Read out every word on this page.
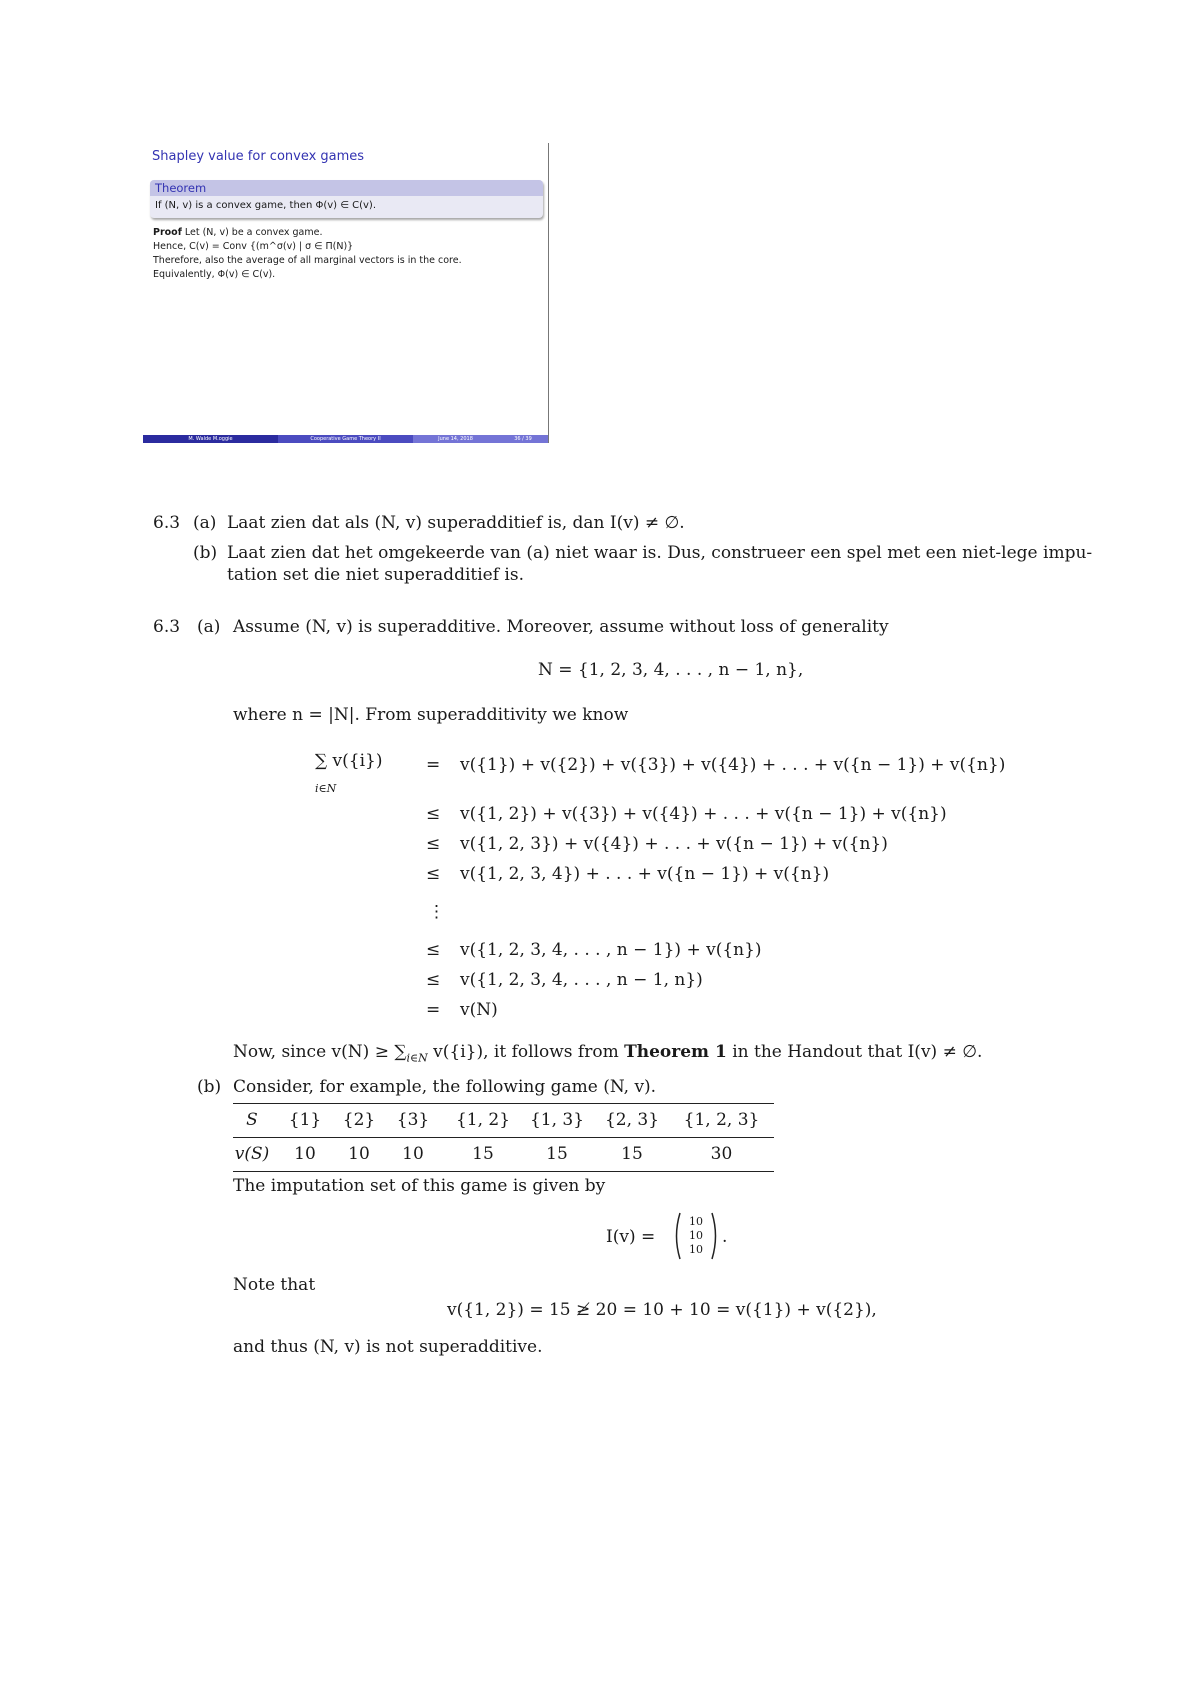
Shapley value for convex games
Theorem
If (N, v) is a convex game, then Φ(v) ∈ C(v).
Proof Let (N, v) be a convex game.
Hence, C(v) = Conv {(m^σ(v) | σ ∈ Π(N)}
Therefore, also the average of all marginal vectors is in the core.
Equivalently, Φ(v) ∈ C(v).
M. Walde M.oggie	Cooperative Game Theory II	June 14, 2018	36 / 39
6.3 (a) Laat zien dat als (N, v) superadditief is, dan I(v) ≠ ∅.
(b) Laat zien dat het omgekeerde van (a) niet waar is. Dus, construeer een spel met een niet-lege impu-
tation set die niet superadditief is.
6.3 (a) Assume (N, v) is superadditive. Moreover, assume without loss of generality
N = {1, 2, 3, 4, . . . , n − 1, n},
where n = |N|. From superadditivity we know
∑ v({i})
i∈N
= v({1}) + v({2}) + v({3}) + v({4}) + . . . + v({n − 1}) + v({n})
≤ v({1, 2}) + v({3}) + v({4}) + . . . + v({n − 1}) + v({n})
≤ v({1, 2, 3}) + v({4}) + . . . + v({n − 1}) + v({n})
≤ v({1, 2, 3, 4}) + . . . + v({n − 1}) + v({n})
⋮
≤ v({1, 2, 3, 4, . . . , n − 1}) + v({n})
≤ v({1, 2, 3, 4, . . . , n − 1, n})
= v(N)
Now, since $v(N) \ge \sum_{i\in N}$ v({i}), it follows from Theorem 1 in the Handout that I(v) ≠ ∅.
(b) Consider, for example, the following game (N, v).
S	{1}	{2}	{3}	{1, 2}	{1, 3}	{2, 3}	{1, 2, 3}
v(S)	10	10	10	15	15	15	30
The imputation set of this game is given by
I(v) =
10
10
10
.
Note that
v({1, 2}) = 15 ≱ 20 = 10 + 10 = v({1}) + v({2}),
and thus (N, v) is not superadditive.
